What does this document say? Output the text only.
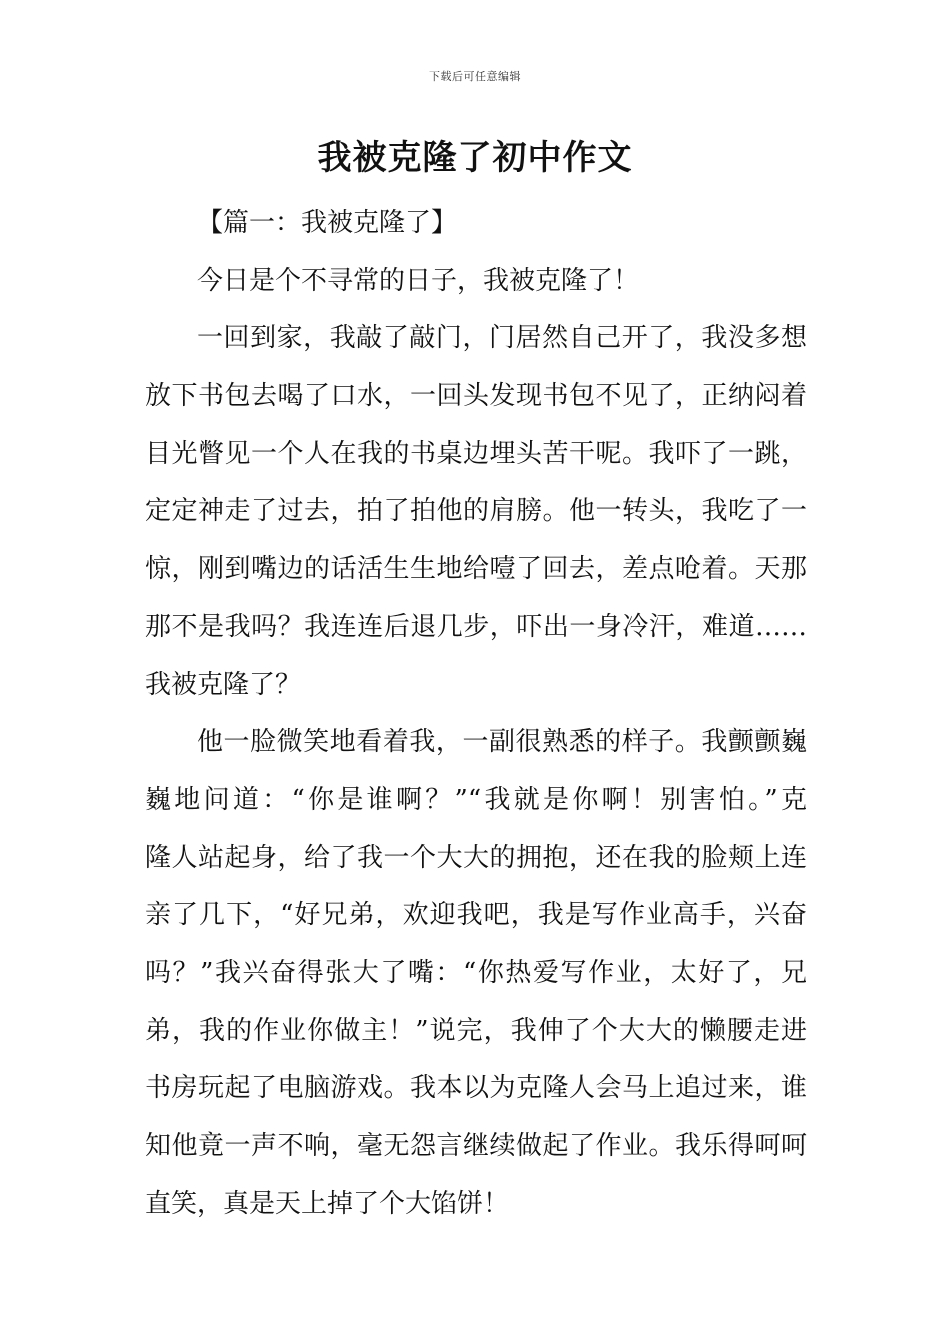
下载后可任意编辑
我被克隆了初中作文
【篇一：我被克隆了】
今日是个不寻常的日子，我被克隆了！
一回到家，我敲了敲门，门居然自己开了，我没多想
放下书包去喝了口水，一回头发现书包不见了，正纳闷着
目光瞥见一个人在我的书桌边埋头苦干呢。我吓了一跳，
定定神走了过去，拍了拍他的肩膀。他一转头，我吃了一
惊，刚到嘴边的话活生生地给噎了回去，差点呛着。天那
那不是我吗？我连连后退几步，吓出一身冷汗，难道……
我被克隆了？
他一脸微笑地看着我，一副很熟悉的样子。我颤颤巍
巍地问道：“你是谁啊？”“我就是你啊！别害怕。”克
隆人站起身，给了我一个大大的拥抱，还在我的脸颊上连
亲了几下，“好兄弟，欢迎我吧，我是写作业高手，兴奋
吗？”我兴奋得张大了嘴：“你热爱写作业，太好了，兄
弟，我的作业你做主！”说完，我伸了个大大的懒腰走进
书房玩起了电脑游戏。我本以为克隆人会马上追过来，谁
知他竟一声不响，毫无怨言继续做起了作业。我乐得呵呵
直笑，真是天上掉了个大馅饼！
